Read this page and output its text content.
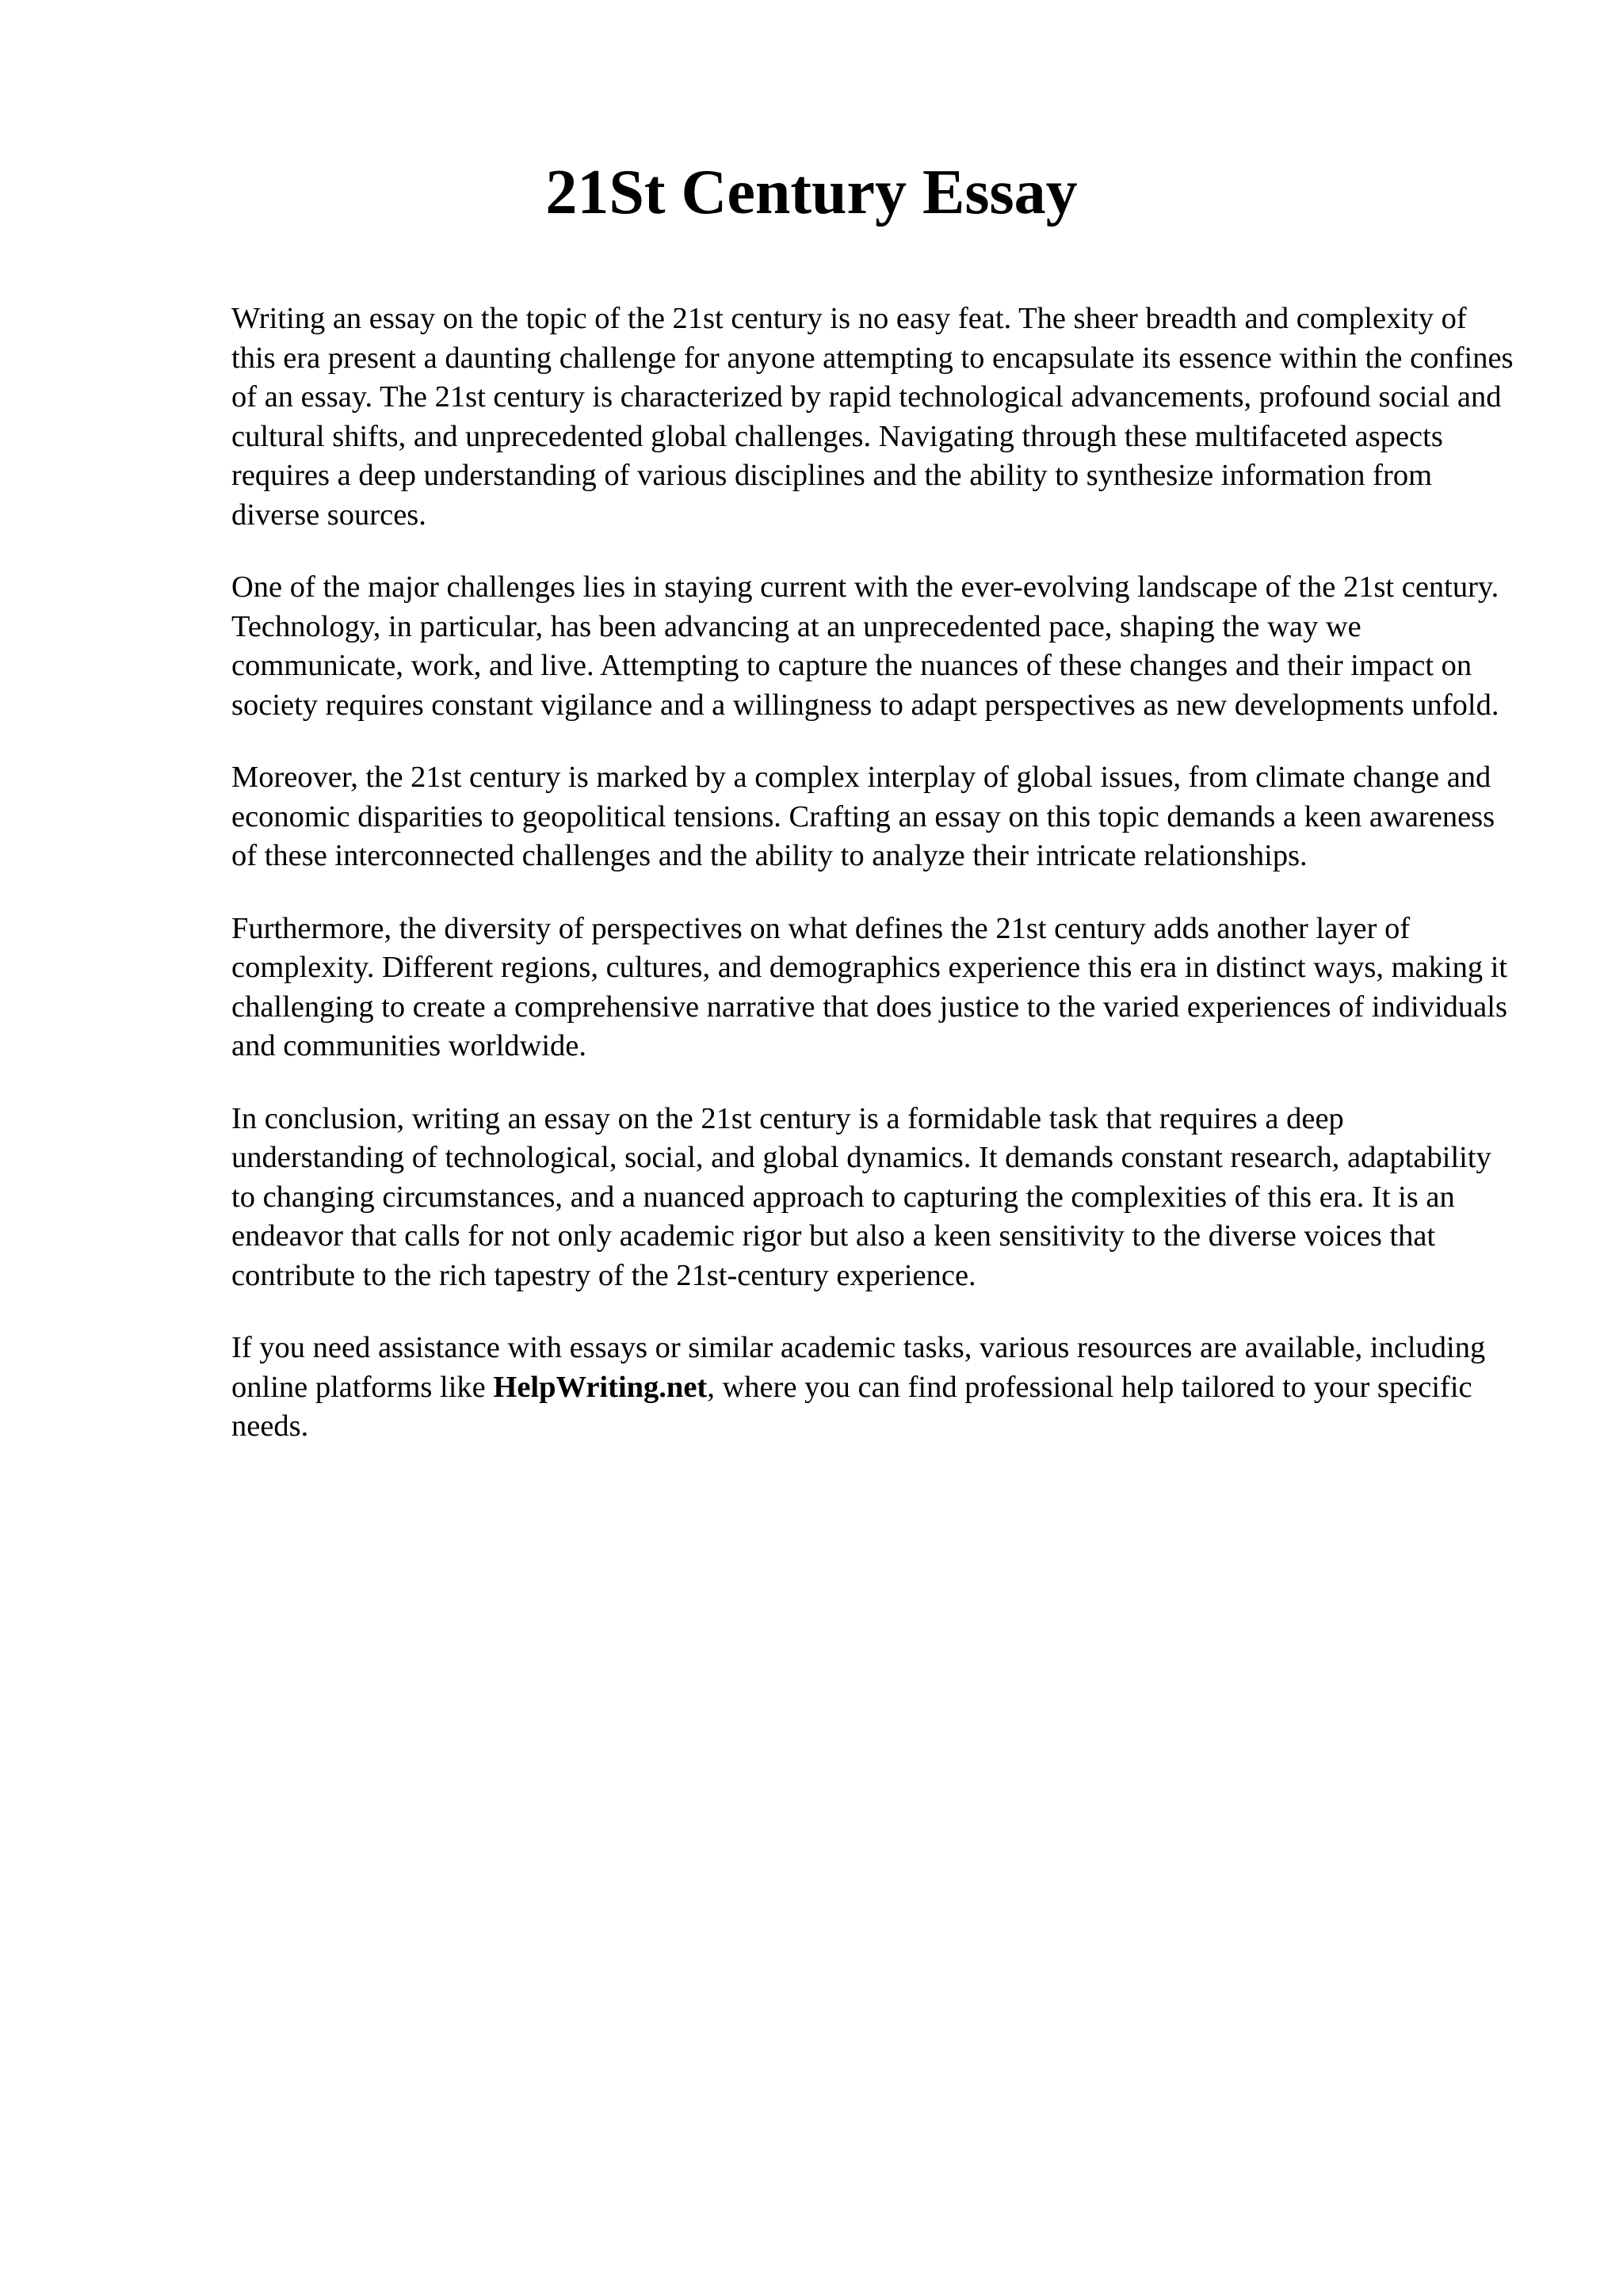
21St Century Essay

Writing an essay on the topic of the 21st century is no easy feat. The sheer breadth and complexity of this era present a daunting challenge for anyone attempting to encapsulate its essence within the confines of an essay. The 21st century is characterized by rapid technological advancements, profound social and cultural shifts, and unprecedented global challenges. Navigating through these multifaceted aspects requires a deep understanding of various disciplines and the ability to synthesize information from diverse sources.

One of the major challenges lies in staying current with the ever-evolving landscape of the 21st century. Technology, in particular, has been advancing at an unprecedented pace, shaping the way we communicate, work, and live. Attempting to capture the nuances of these changes and their impact on society requires constant vigilance and a willingness to adapt perspectives as new developments unfold.

Moreover, the 21st century is marked by a complex interplay of global issues, from climate change and economic disparities to geopolitical tensions. Crafting an essay on this topic demands a keen awareness of these interconnected challenges and the ability to analyze their intricate relationships.

Furthermore, the diversity of perspectives on what defines the 21st century adds another layer of complexity. Different regions, cultures, and demographics experience this era in distinct ways, making it challenging to create a comprehensive narrative that does justice to the varied experiences of individuals and communities worldwide.

In conclusion, writing an essay on the 21st century is a formidable task that requires a deep understanding of technological, social, and global dynamics. It demands constant research, adaptability to changing circumstances, and a nuanced approach to capturing the complexities of this era. It is an endeavor that calls for not only academic rigor but also a keen sensitivity to the diverse voices that contribute to the rich tapestry of the 21st-century experience.

If you need assistance with essays or similar academic tasks, various resources are available, including online platforms like HelpWriting.net, where you can find professional help tailored to your specific needs.
